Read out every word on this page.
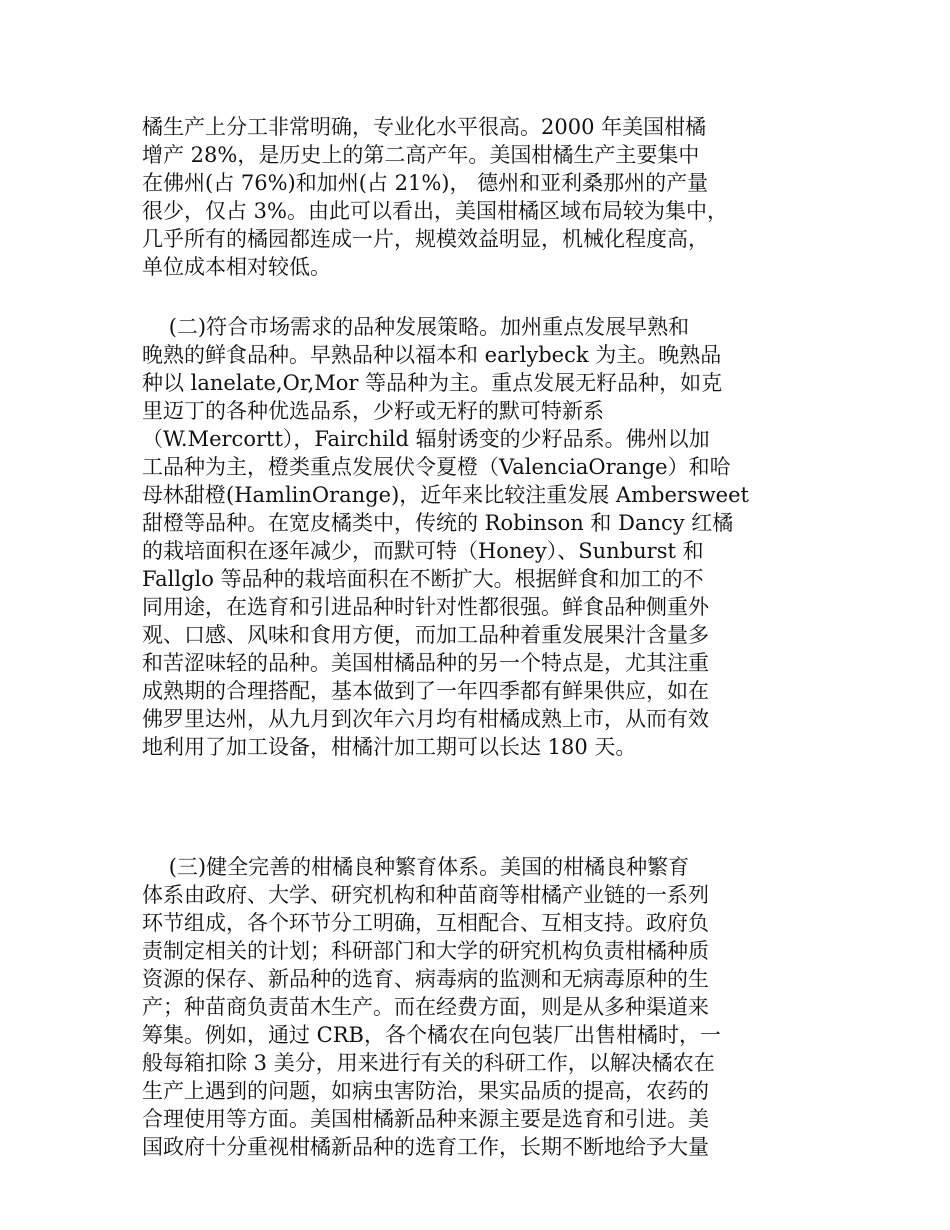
橘生产上分工非常明确，专业化水平很高。2000 年美国柑橘
增产 28%，是历史上的第二高产年。美国柑橘生产主要集中
在佛州(占 76%)和加州(占 21%)， 德州和亚利桑那州的产量
很少，仅占 3%。由此可以看出，美国柑橘区域布局较为集中，
几乎所有的橘园都连成一片，规模效益明显，机械化程度高，
单位成本相对较低。
(二)符合市场需求的品种发展策略。加州重点发展早熟和
晚熟的鲜食品种。早熟品种以福本和 earlybeck 为主。晚熟品
种以 lanelate,Or,Mor 等品种为主。重点发展无籽品种，如克
里迈丁的各种优选品系，少籽或无籽的默可特新系
（W.Mercortt），Fairchild 辐射诱变的少籽品系。佛州以加
工品种为主，橙类重点发展伏令夏橙（ValenciaOrange）和哈
母林甜橙(HamlinOrange)，近年来比较注重发展 Ambersweet
甜橙等品种。在宽皮橘类中，传统的 Robinson 和 Dancy 红橘
的栽培面积在逐年减少，而默可特（Honey）、Sunburst 和
Fallglo 等品种的栽培面积在不断扩大。根据鲜食和加工的不
同用途，在选育和引进品种时针对性都很强。鲜食品种侧重外
观、口感、风味和食用方便，而加工品种着重发展果汁含量多
和苦涩味轻的品种。美国柑橘品种的另一个特点是，尤其注重
成熟期的合理搭配，基本做到了一年四季都有鲜果供应，如在
佛罗里达州，从九月到次年六月均有柑橘成熟上市，从而有效
地利用了加工设备，柑橘汁加工期可以长达 180 天。
(三)健全完善的柑橘良种繁育体系。美国的柑橘良种繁育
体系由政府、大学、研究机构和种苗商等柑橘产业链的一系列
环节组成，各个环节分工明确，互相配合、互相支持。政府负
责制定相关的计划；科研部门和大学的研究机构负责柑橘种质
资源的保存、新品种的选育、病毒病的监测和无病毒原种的生
产；种苗商负责苗木生产。而在经费方面，则是从多种渠道来
筹集。例如，通过 CRB，各个橘农在向包装厂出售柑橘时，一
般每箱扣除 3 美分，用来进行有关的科研工作，以解决橘农在
生产上遇到的问题，如病虫害防治，果实品质的提高，农药的
合理使用等方面。美国柑橘新品种来源主要是选育和引进。美
国政府十分重视柑橘新品种的选育工作，长期不断地给予大量
